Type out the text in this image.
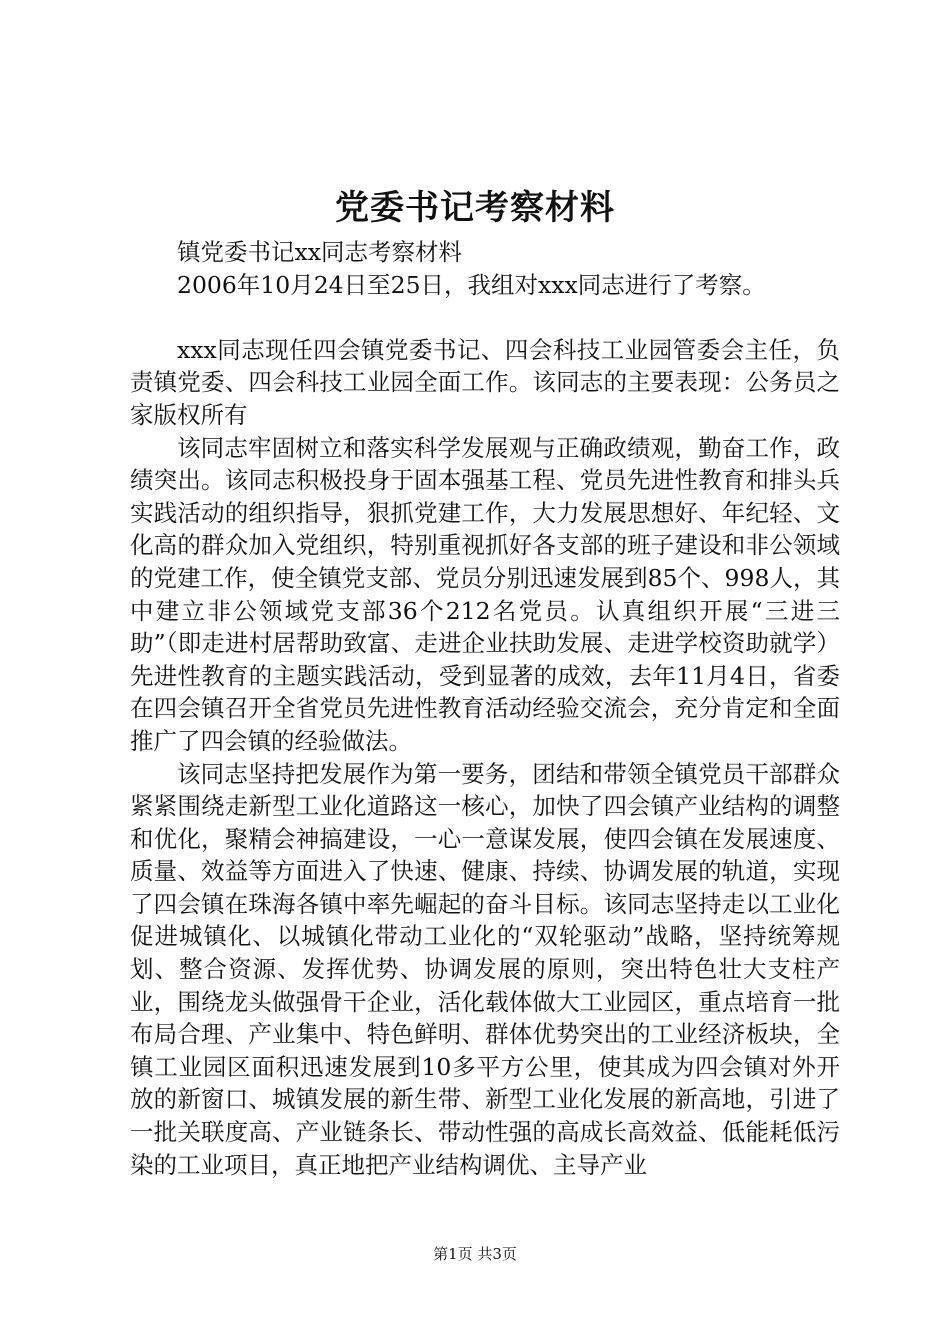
党委书记考察材料

镇党委书记xx同志考察材料

2006年10月24日至25日，我组对xxx同志进行了考察。

xxx同志现任四会镇党委书记、四会科技工业园管委会主任，负责镇党委、四会科技工业园全面工作。该同志的主要表现：公务员之家版权所有

该同志牢固树立和落实科学发展观与正确政绩观，勤奋工作，政绩突出。该同志积极投身于固本强基工程、党员先进性教育和排头兵实践活动的组织指导，狠抓党建工作，大力发展思想好、年纪轻、文化高的群众加入党组织，特别重视抓好各支部的班子建设和非公领域的党建工作，使全镇党支部、党员分别迅速发展到85个、998人，其中建立非公领域党支部36个212名党员。认真组织开展“三进三助”（即走进村居帮助致富、走进企业扶助发展、走进学校资助就学）先进性教育的主题实践活动，受到显著的成效，去年11月4日，省委在四会镇召开全省党员先进性教育活动经验交流会，充分肯定和全面推广了四会镇的经验做法。

该同志坚持把发展作为第一要务，团结和带领全镇党员干部群众紧紧围绕走新型工业化道路这一核心，加快了四会镇产业结构的调整和优化，聚精会神搞建设，一心一意谋发展，使四会镇在发展速度、质量、效益等方面进入了快速、健康、持续、协调发展的轨道，实现了四会镇在珠海各镇中率先崛起的奋斗目标。该同志坚持走以工业化促进城镇化、以城镇化带动工业化的“双轮驱动”战略，坚持统筹规划、整合资源、发挥优势、协调发展的原则，突出特色壮大支柱产业，围绕龙头做强骨干企业，活化载体做大工业园区，重点培育一批布局合理、产业集中、特色鲜明、群体优势突出的工业经济板块，全镇工业园区面积迅速发展到10多平方公里，使其成为四会镇对外开放的新窗口、城镇发展的新生带、新型工业化发展的新高地，引进了一批关联度高、产业链条长、带动性强的高成长高效益、低能耗低污染的工业项目，真正地把产业结构调优、主导产业

第1页 共3页
